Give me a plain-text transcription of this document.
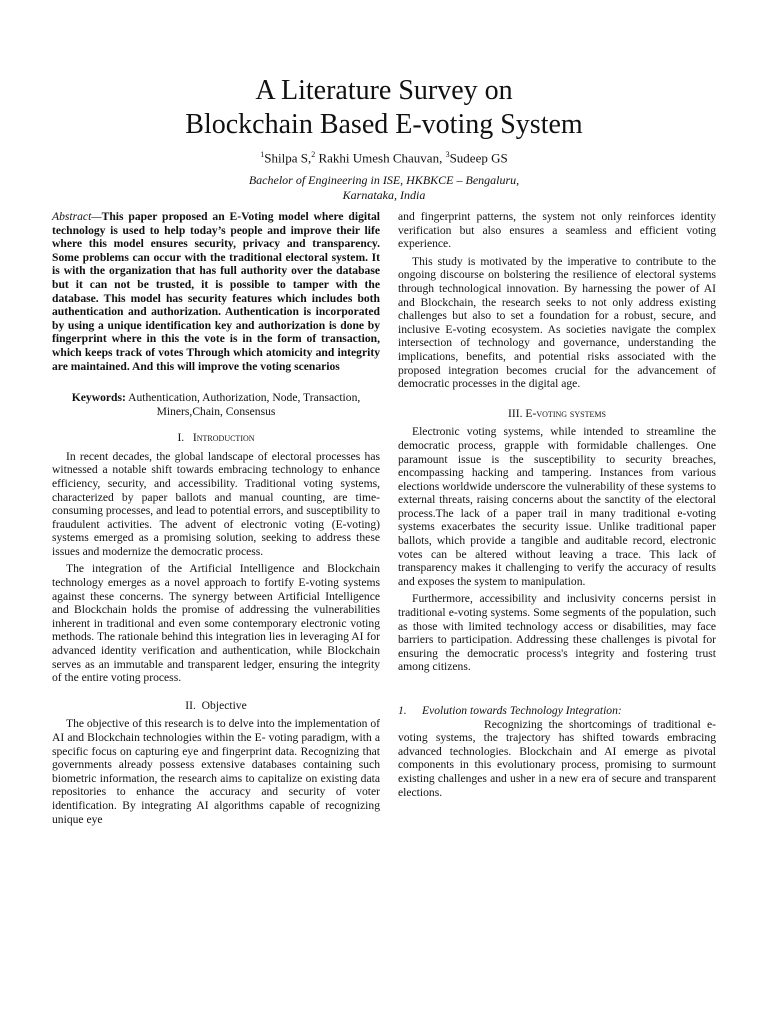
A Literature Survey on
Blockchain Based E-voting System
$^1$Shilpa S,$^2$ Rakhi Umesh Chauvan, $^3$Sudeep GS
Bachelor of Engineering in ISE, HKBKCE – Bengaluru,
Karnataka, India
Abstract—This paper proposed an E-Voting model where digital technology is used to help today’s people and improve their life where this model ensures security, privacy and transparency. Some problems can occur with the traditional electoral system. It is with the organization that has full authority over the database but it can not be trusted, it is possible to tamper with the database. This model has security features which includes both authentication and authorization. Authentication is incorporated by using a unique identification key and authorization is done by fingerprint where in this the vote is in the form of transaction, which keeps track of votes Through which atomicity and integrity are maintained. And this will improve the voting scenarios
Keywords: Authentication, Authorization, Node, Transaction, Miners,Chain, Consensus
I. Introduction

In recent decades, the global landscape of electoral processes has witnessed a notable shift towards embracing technology to enhance efficiency, security, and accessibility. Traditional voting systems, characterized by paper ballots and manual counting, are time-consuming processes, and lead to potential errors, and susceptibility to fraudulent activities. The advent of electronic voting (E-voting) systems emerged as a promising solution, seeking to address these issues and modernize the democratic process.

The integration of the Artificial Intelligence and Blockchain technology emerges as a novel approach to fortify E-voting systems against these concerns. The synergy between Artificial Intelligence and Blockchain holds the promise of addressing the vulnerabilities inherent in traditional and even some contemporary electronic voting methods. The rationale behind this integration lies in leveraging AI for advanced identity verification and authentication, while Blockchain serves as an immutable and transparent ledger, ensuring the integrity of the entire voting process.

II. Objective

The objective of this research is to delve into the implementation of AI and Blockchain technologies within the E- voting paradigm, with a specific focus on capturing eye and fingerprint data. Recognizing that governments already possess extensive databases containing such biometric information, the research aims to capitalize on existing data repositories to enhance the accuracy and security of voter identification. By integrating AI algorithms capable of recognizing unique eye

and fingerprint patterns, the system not only reinforces identity verification but also ensures a seamless and efficient voting experience.

This study is motivated by the imperative to contribute to the ongoing discourse on bolstering the resilience of electoral systems through technological innovation. By harnessing the power of AI and Blockchain, the research seeks to not only address existing challenges but also to set a foundation for a robust, secure, and inclusive E-voting ecosystem. As societies navigate the complex intersection of technology and governance, understanding the implications, benefits, and potential risks associated with the proposed integration becomes crucial for the advancement of democratic processes in the digital age.

III. E-voting systems

Electronic voting systems, while intended to streamline the democratic process, grapple with formidable challenges. One paramount issue is the susceptibility to security breaches, encompassing hacking and tampering. Instances from various elections worldwide underscore the vulnerability of these systems to external threats, raising concerns about the sanctity of the electoral process.The lack of a paper trail in many traditional e-voting systems exacerbates the security issue. Unlike traditional paper ballots, which provide a tangible and auditable record, electronic votes can be altered without leaving a trace. This lack of transparency makes it challenging to verify the accuracy of results and exposes the system to manipulation.

Furthermore, accessibility and inclusivity concerns persist in traditional e-voting systems. Some segments of the population, such as those with limited technology access or disabilities, may face barriers to participation. Addressing these challenges is pivotal for ensuring the democratic process's integrity and fostering trust among citizens.

1. Evolution towards Technology Integration:

Recognizing the shortcomings of traditional e-voting systems, the trajectory has shifted towards embracing advanced technologies. Blockchain and AI emerge as pivotal components in this evolutionary process, promising to surmount existing challenges and usher in a new era of secure and transparent elections.
